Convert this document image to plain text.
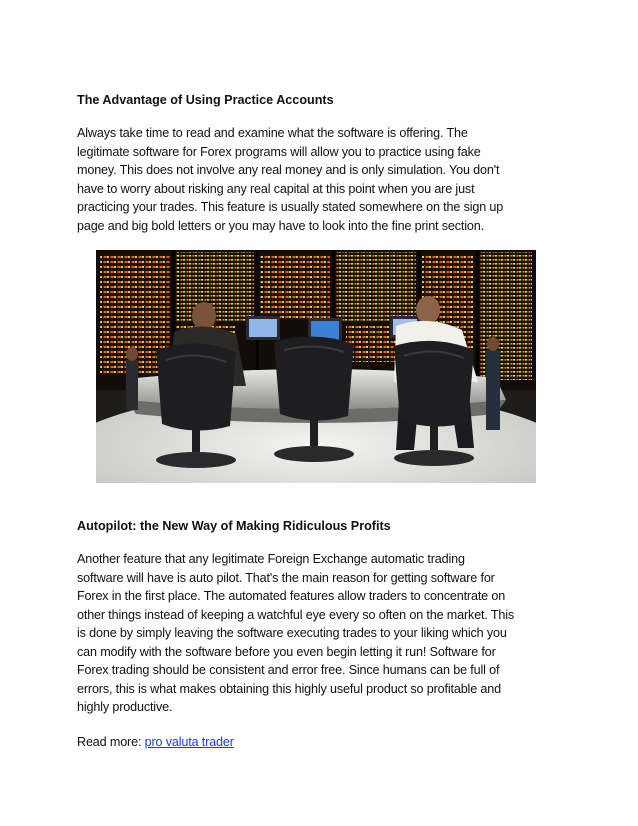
The Advantage of Using Practice Accounts
Always take time to read and examine what the software is offering. The
legitimate software for Forex programs will allow you to practice using fake
money. This does not involve any real money and is only simulation. You don't
have to worry about risking any real capital at this point when you are just
practicing your trades. This feature is usually stated somewhere on the sign up
page and big bold letters or you may have to look into the fine print section.
Autopilot: the New Way of Making Ridiculous Profits
Another feature that any legitimate Foreign Exchange automatic trading
software will have is auto pilot. That's the main reason for getting software for
Forex in the first place. The automated features allow traders to concentrate on
other things instead of keeping a watchful eye every so often on the market. This
is done by simply leaving the software executing trades to your liking which you
can modify with the software before you even begin letting it run! Software for
Forex trading should be consistent and error free. Since humans can be full of
errors, this is what makes obtaining this highly useful product so profitable and
highly productive.
Read more: pro valuta trader
